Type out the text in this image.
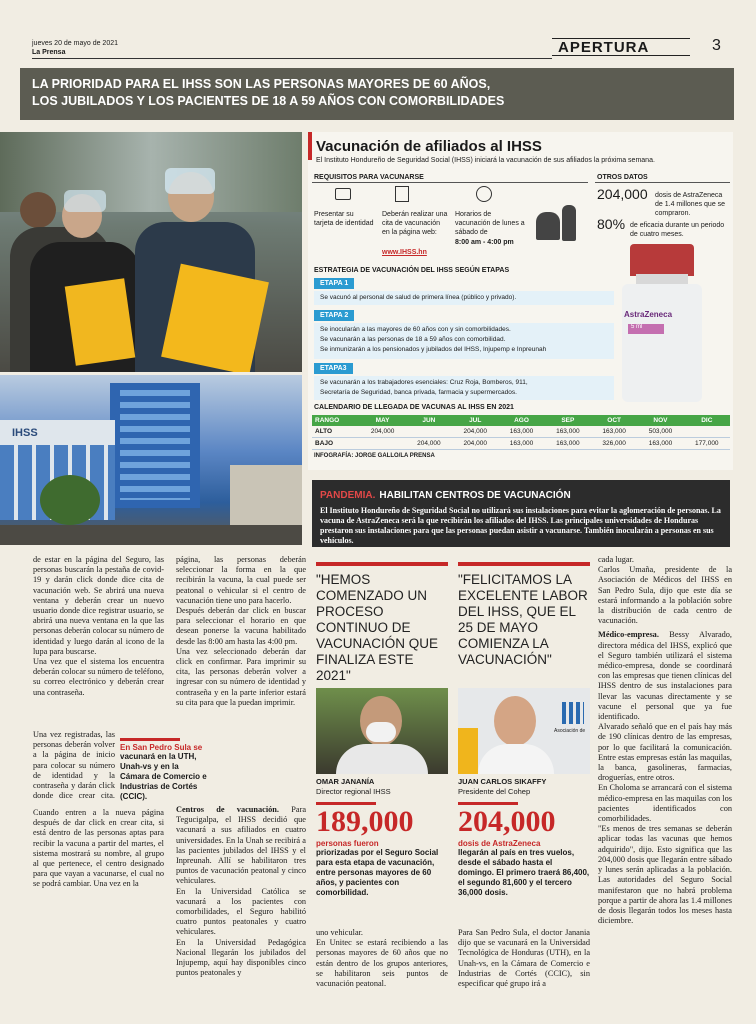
jueves 20 de mayo de 2021
La Prensa	APERTURA	3
LA PRIORIDAD PARA EL IHSS SON LAS PERSONAS MAYORES DE 60 AÑOS,
LOS JUBILADOS Y LOS PACIENTES DE 18 A 59 AÑOS CON COMORBILIDADES
IHSS
Vacunación de afiliados al IHSS
El Instituto Hondureño de Seguridad Social (IHSS) iniciará la vacunación de sus afiliados la próxima semana.
REQUISITOS PARA VACUNARSE
Presentar su tarjeta de identidad
Deberán realizar una cita de vacunación en la página web:
www.IHSS.hn
Horarios de vacunación de lunes a sábado de
8:00 am - 4:00 pm
OTROS DATOS
204,000 dosis de AstraZeneca de 1.4 millones que se compraron.
80% de eficacia durante un periodo de cuatro meses.
AstraZeneca
5 ml
ESTRATEGIA DE VACUNACIÓN DEL IHSS SEGÚN ETAPAS
ETAPA 1
Se vacunó al personal de salud de primera línea (público y privado).
ETAPA 2
Se inocularán a las mayores de 60 años con y sin comorbilidades.
Se vacunarán a las personas de 18 a 59 años con comorbilidad.
Se inmunizarán a los pensionados y jubilados del IHSS, Injupemp e Inpreunah
ETAPA3
Se vacunarán a los trabajadores esenciales: Cruz Roja, Bomberos, 911,
Secretaría de Seguridad, banca privada, farmacia y supermercados.
CALENDARIO DE LLEGADA DE VACUNAS AL IHSS EN 2021
RANGO	MAY	JUN	JUL	AGO	SEP	OCT	NOV	DIC
ALTO	204,000		204,000	163,000	163,000	163,000	503,000	
BAJO		204,000	204,000	163,000	163,000	326,000	163,000	177,000
INFOGRAFÍA: JORGE GALLO/LA PRENSA
PANDEMIA. HABILITAN CENTROS DE VACUNACIÓN
El Instituto Hondureño de Seguridad Social no utilizará sus instalaciones para evitar la aglomeración de personas. La vacuna de AstraZeneca será la que recibirán los afiliados del IHSS. Las principales universidades de Honduras prestaron sus instalaciones para que las personas puedan asistir a vacunarse. También inocularán a personas en sus vehículos.

de estar en la página del Seguro, las personas buscarán la pestaña de covid-19 y darán click donde dice cita de vacunación web. Se abrirá una nueva ventana y deberán crear un nuevo usuario donde dice registrar usuario, se abrirá una nueva ventana en la que las personas deberán colocar su número de identidad y luego darán al icono de la lupa para buscarse.

Una vez que el sistema los encuentra deberán colocar su número de teléfono, su correo electrónico y deberán crear una contraseña.

Una vez registradas, las personas deberán volver a la página de inicio para colocar su número de identidad y la contraseña y darán click donde dice crear cita.

Cuando entren a la nueva página después de dar click en crear cita, si está dentro de las personas aptas para recibir la vacuna a partir del martes, el sistema mostrará su nombre, al grupo al que pertenece, el centro designado para que vayan a vacunarse, el cual no se podrá cambiar. Una vez en la

En San Pedro Sula se
vacunará en la UTH, Unah-vs y en la Cámara de Comercio e Industrias de Cortés (CCIC).

página, las personas deberán seleccionar la forma en la que recibirán la vacuna, la cual puede ser peatonal o vehicular si el centro de vacunación tiene uno para hacerlo.

Después deberán dar click en buscar para seleccionar el horario en que desean ponerse la vacuna habilitado desde las 8:00 am hasta las 4:00 pm.

Una vez seleccionado deberán dar click en confirmar. Para imprimir su cita, las personas deberán volver a ingresar con su número de identidad y contraseña y en la parte inferior estará su cita para que la puedan imprimir.

Centros de vacunación. Para Tegucigalpa, el IHSS decidió que vacunará a sus afiliados en cuatro universidades. En la Unah se recibirá a las pacientes jubilados del IHSS y el Inpreunah. Allí se habilitaron tres puntos de vacunación peatonal y cinco vehiculares.

En la Universidad Católica se vacunará a los pacientes con comorbilidades, el Seguro habilitó cuatro puntos peatonales y cuatro vehiculares.

En la Universidad Pedagógica Nacional llegarán los jubilados del Injupemp, aquí hay disponibles cinco puntos peatonales y

"HEMOS COMENZADO UN PROCESO CONTINUO DE VACUNACIÓN QUE FINALIZA ESTE 2021"
OMAR JANANÍA
Director regional IHSS
"FELICITAMOS LA EXCELENTE LABOR DEL IHSS, QUE EL 25 DE MAYO COMIENZA LA VACUNACIÓN"
Asociación de
JUAN CARLOS SIKAFFY
Presidente del Cohep
189,000
personas fueron
priorizadas por el Seguro Social para esta etapa de vacunación, entre personas mayores de 60 años, y pacientes con comorbilidad.
204,000
dosis de AstraZeneca
llegarán al país en tres vuelos, desde el sábado hasta el domingo. El primero traerá 86,400, el segundo 81,600 y el tercero 36,000 dosis.

uno vehicular.

En Unitec se estará recibiendo a las personas mayores de 60 años que no están dentro de los grupos anteriores, se habilitaron seis puntos de vacunación peatonal.

Para San Pedro Sula, el doctor Janania dijo que se vacunará en la Universidad Tecnológica de Honduras (UTH), en la Unah-vs, en la Cámara de Comercio e Industrias de Cortés (CCIC), sin especificar qué grupo irá a

cada lugar.

Carlos Umaña, presidente de la Asociación de Médicos del IHSS en San Pedro Sula, dijo que este día se estará informando a la población sobre la distribución de cada centro de vacunación.

Médico-empresa. Bessy Alvarado, directora médica del IHSS, explicó que el Seguro también utilizará el sistema médico-empresa, donde se coordinará con las empresas que tienen clínicas del IHSS dentro de sus instalaciones para llevar las vacunas directamente y se vacune el personal que ya fue identificado.

Alvarado señaló que en el país hay más de 190 clínicas dentro de las empresas, por lo que facilitará la comunicación. Entre estas empresas están las maquilas, la banca, gasolineras, farmacias, droguerías, entre otros.

En Choloma se arrancará con el sistema médico-empresa en las maquilas con los pacientes identificados con comorbilidades.

"Es menos de tres semanas se deberán aplicar todas las vacunas que hemos adquirido", dijo. Esto significa que las 204,000 dosis que llegarán entre sábado y lunes serán aplicadas a la población. Las autoridades del Seguro Social manifestaron que no habrá problema porque a partir de ahora las 1.4 millones de dosis llegarán todos los meses hasta diciembre.
